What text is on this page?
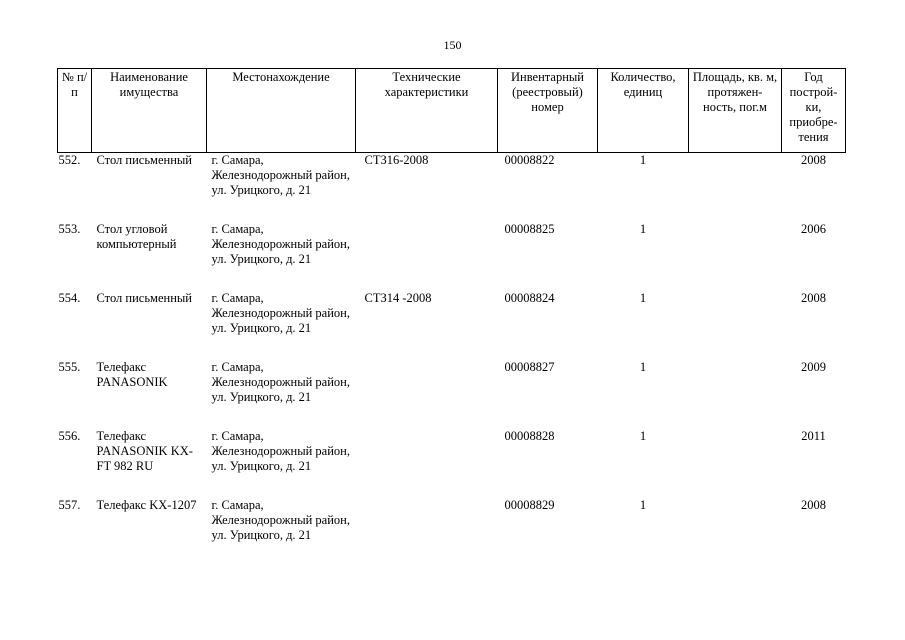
150
№ п/п	Наименование имущества	Местонахождение	Технические характеристики	Инвентарный (реестровый) номер	Количество, единиц	Площадь, кв. м, протяжен-ность, пог.м	Год построй-ки, приобре-тения
552.	Стол письменный	г. Самара, Железнодорожный район, ул. Урицкого, д. 21	СТЗ16-2008	00008822	1		2008
553.	Стол угловой компьютерный	г. Самара, Железнодорожный район, ул. Урицкого, д. 21		00008825	1		2006
554.	Стол письменный	г. Самара, Железнодорожный район, ул. Урицкого, д. 21	СТЗ14 -2008	00008824	1		2008
555.	Телефакс PANASONIK	г. Самара, Железнодорожный район, ул. Урицкого, д. 21		00008827	1		2009
556.	Телефакс PANASONIK KX-FT 982 RU	г. Самара, Железнодорожный район, ул. Урицкого, д. 21		00008828	1		2011
557.	Телефакс KX-1207	г. Самара, Железнодорожный район, ул. Урицкого, д. 21		00008829	1		2008
